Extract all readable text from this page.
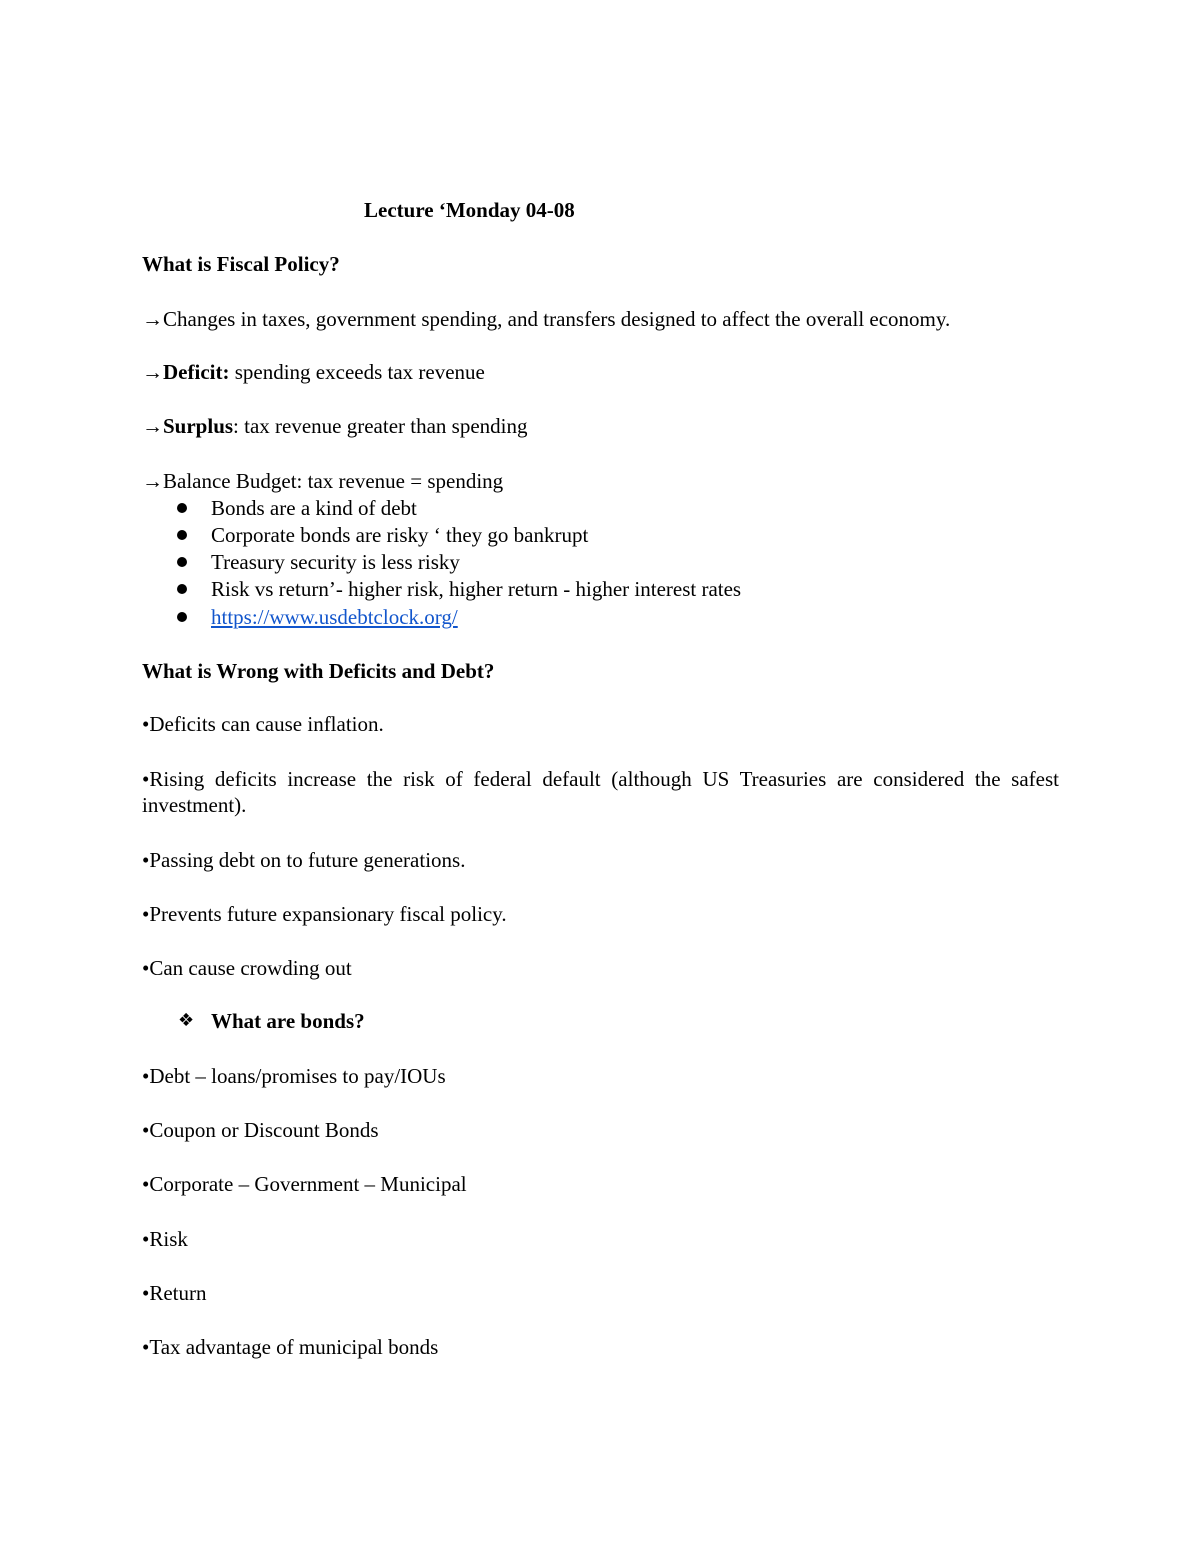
Lecture ‘Monday 04-08
What is Fiscal Policy?
→Changes in taxes, government spending, and transfers designed to affect the overall economy.
→Deficit: spending exceeds tax revenue
→Surplus: tax revenue greater than spending
→Balance Budget: tax revenue = spending
Bonds are a kind of debt
Corporate bonds are risky ‘ they go bankrupt
Treasury security is less risky
Risk vs return’- higher risk, higher return - higher interest rates
https://www.usdebtclock.org/
What is Wrong with Deficits and Debt?
•Deficits can cause inflation.
•Rising deficits increase the risk of federal default (although US Treasuries are considered the safest investment).
•Passing debt on to future generations.
•Prevents future expansionary fiscal policy.
•Can cause crowding out
❖ What are bonds?
•Debt – loans/promises to pay/IOUs
•Coupon or Discount Bonds
•Corporate – Government – Municipal
•Risk
•Return
•Tax advantage of municipal bonds
